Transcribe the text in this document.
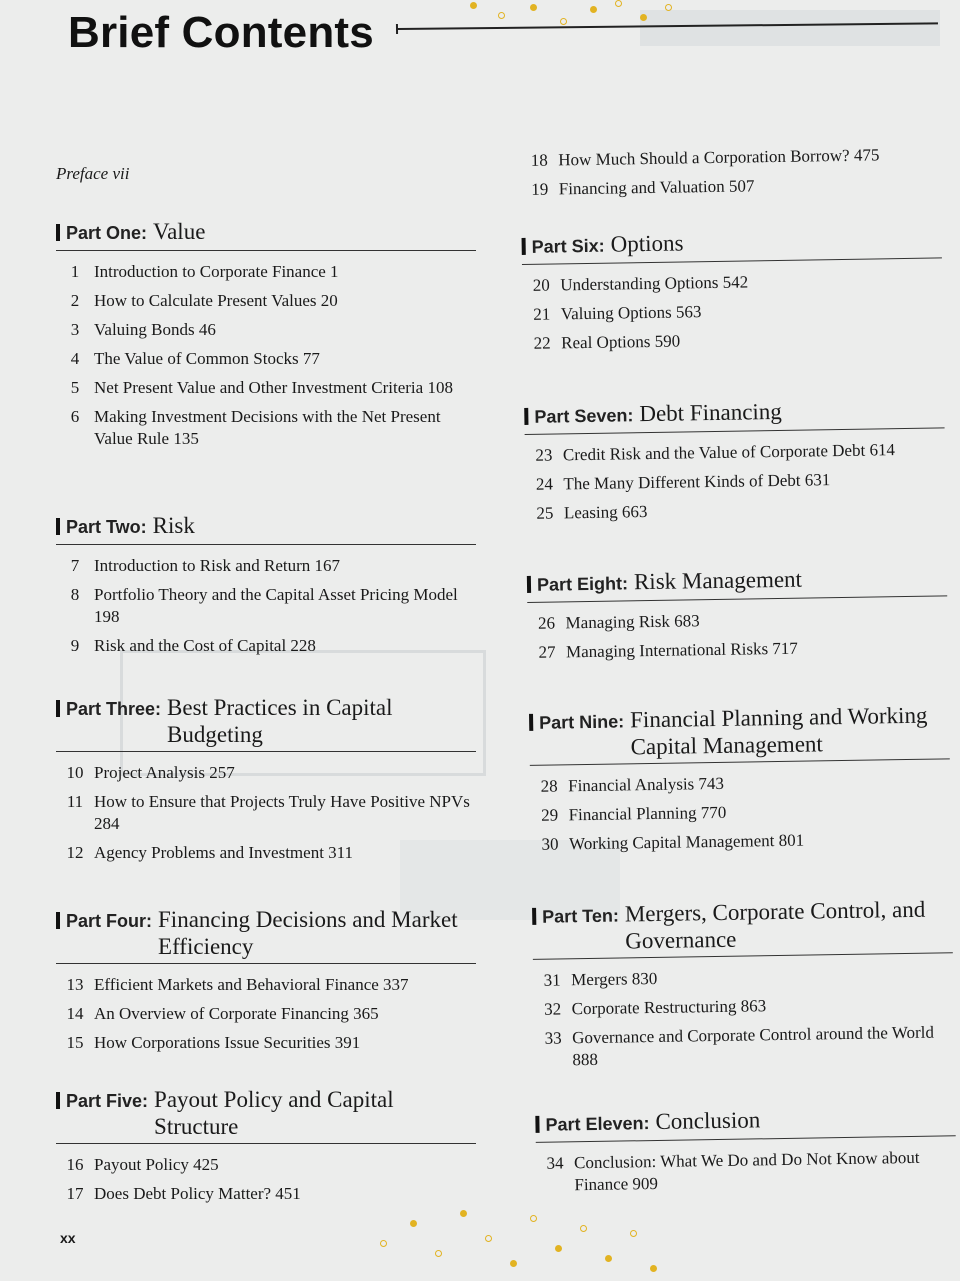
Brief Contents
Preface vii
Part One: Value
1 Introduction to Corporate Finance 1
2 How to Calculate Present Values 20
3 Valuing Bonds 46
4 The Value of Common Stocks 77
5 Net Present Value and Other Investment Criteria 108
6 Making Investment Decisions with the Net Present Value Rule 135
Part Two: Risk
7 Introduction to Risk and Return 167
8 Portfolio Theory and the Capital Asset Pricing Model 198
9 Risk and the Cost of Capital 228
Part Three: Best Practices in Capital Budgeting
10 Project Analysis 257
11 How to Ensure that Projects Truly Have Positive NPVs 284
12 Agency Problems and Investment 311
Part Four: Financing Decisions and Market Efficiency
13 Efficient Markets and Behavioral Finance 337
14 An Overview of Corporate Financing 365
15 How Corporations Issue Securities 391
Part Five: Payout Policy and Capital Structure
16 Payout Policy 425
17 Does Debt Policy Matter? 451
18 How Much Should a Corporation Borrow? 475
19 Financing and Valuation 507
Part Six: Options
20 Understanding Options 542
21 Valuing Options 563
22 Real Options 590
Part Seven: Debt Financing
23 Credit Risk and the Value of Corporate Debt 614
24 The Many Different Kinds of Debt 631
25 Leasing 663
Part Eight: Risk Management
26 Managing Risk 683
27 Managing International Risks 717
Part Nine: Financial Planning and Working Capital Management
28 Financial Analysis 743
29 Financial Planning 770
30 Working Capital Management 801
Part Ten: Mergers, Corporate Control, and Governance
31 Mergers 830
32 Corporate Restructuring 863
33 Governance and Corporate Control around the World 888
Part Eleven: Conclusion
34 Conclusion: What We Do and Do Not Know about Finance 909
xx
